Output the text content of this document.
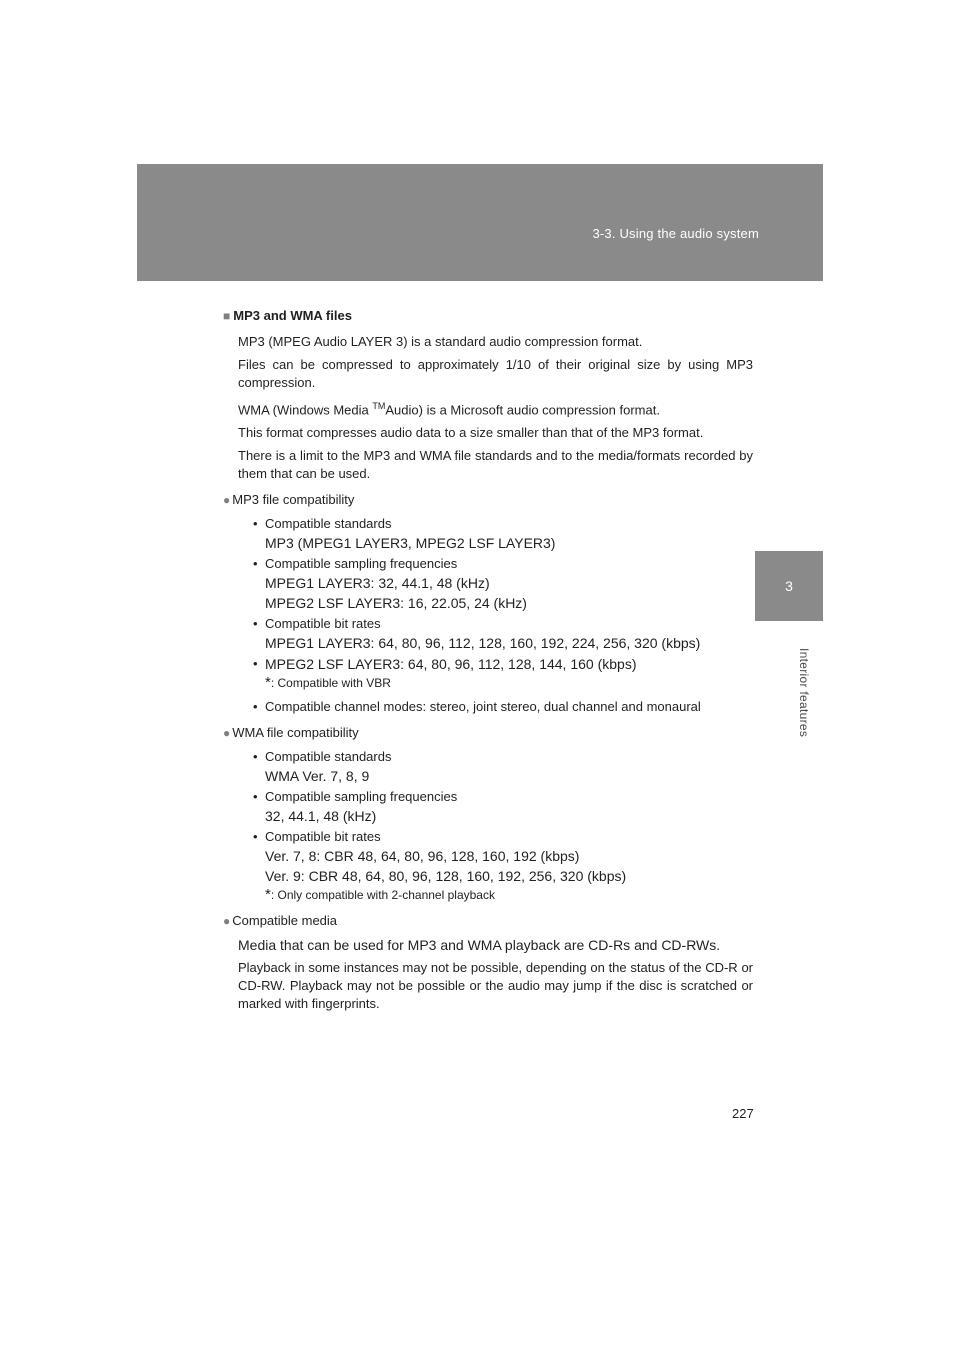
3-3. Using the audio system
3
Interior features
■ MP3 and WMA files

MP3 (MPEG Audio LAYER 3) is a standard audio compression format.

Files can be compressed to approximately 1/10 of their original size by using MP3 compression.

WMA (Windows Media ™Audio) is a Microsoft audio compression format.

This format compresses audio data to a size smaller than that of the MP3 format.

There is a limit to the MP3 and WMA file standards and to the media/formats recorded by them that can be used.

● MP3 file compatibility
• Compatible standards
MP3 (MPEG1 LAYER3, MPEG2 LSF LAYER3)
• Compatible sampling frequencies
MPEG1 LAYER3: 32, 44.1, 48 (kHz)
MPEG2 LSF LAYER3: 16, 22.05, 24 (kHz)
• Compatible bit rates
MPEG1 LAYER3: 64, 80, 96, 112, 128, 160, 192, 224, 256, 320 (kbps)
• MPEG2 LSF LAYER3: 64, 80, 96, 112, 128, 144, 160 (kbps)
*: Compatible with VBR
• Compatible channel modes: stereo, joint stereo, dual channel and monaural
● WMA file compatibility
• Compatible standards
WMA Ver. 7, 8, 9
• Compatible sampling frequencies
32, 44.1, 48 (kHz)
• Compatible bit rates
Ver. 7, 8: CBR 48, 64, 80, 96, 128, 160, 192 (kbps)
Ver. 9: CBR 48, 64, 80, 96, 128, 160, 192, 256, 320 (kbps)
*: Only compatible with 2-channel playback
● Compatible media

Media that can be used for MP3 and WMA playback are CD-Rs and CD-RWs.

Playback in some instances may not be possible, depending on the status of the CD-R or CD-RW. Playback may not be possible or the audio may jump if the disc is scratched or marked with fingerprints.

227
